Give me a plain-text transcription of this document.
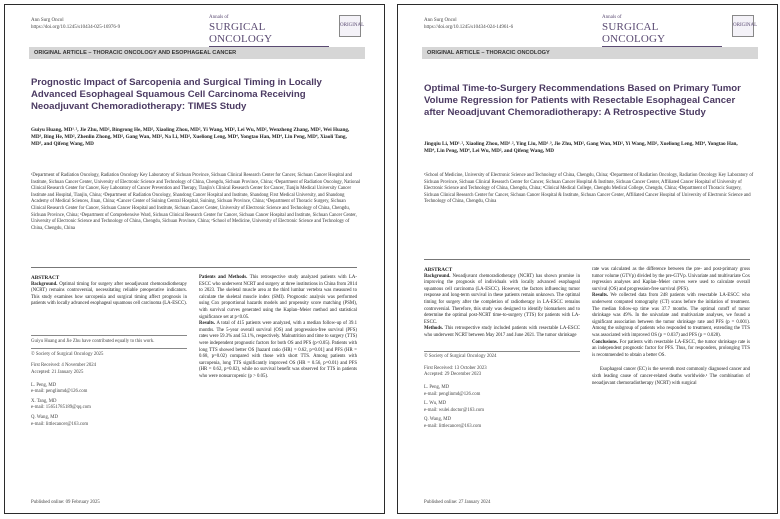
Ann Surg Oncol
https://doi.org/10.1245/s10434-025-16976-9
Annals of
SURGICAL ONCOLOGY
ORIGINAL
ORIGINAL ARTICLE – THORACIC ONCOLOGY AND ESOPHAGEAL CANCER
Prognostic Impact of Sarcopenia and Surgical Timing in Locally Advanced Esophageal Squamous Cell Carcinoma Receiving Neoadjuvant Chemoradiotherapy: TIMES Study
Guiyu Huang, MD¹˒², Jie Zhu, MD², Bingrong He, MD², Xiaoling Zhou, MD², Yi Wang, MD², Lei Wu, MD², Wenzheng Zhang, MD², Wei Huang, MD³, Bing He, MD², Zhenlin Zhong, MD², Gang Wan, MD², Na Li, MD², Xueliong Leng, MD⁴, Yongtao Han, MD⁴, Lin Peng, MD⁴, Xiaoli Tang, MD⁵, and Qifeng Wang, MD
¹Department of Radiation Oncology, Radiation Oncology Key Laboratory of Sichuan Province, Sichuan Clinical Research Center for Cancer, Sichuan Cancer Hospital and Institute, Sichuan Cancer Center, University of Electronic Science and Technology of China, Chengdu, Sichuan Province, China; ²Department of Radiation Oncology, National Clinical Research Center for Cancer, Key Laboratory of Cancer Prevention and Therapy, Tianjin's Clinical Research Center for Cancer, Tianjin Medical University Cancer Institute and Hospital, Tianjin, China; ³Department of Radiation Oncology, Shandong Cancer Hospital and Institute, Shandong First Medical University, and Shandong Academy of Medical Sciences, Jinan, China; ⁴Cancer Center of Suining Central Hospital, Suining, Sichuan Province, China; ⁵Department of Thoracic Surgery, Sichuan Clinical Research Center for Cancer, Sichuan Cancer Hospital and Institute, Sichuan Cancer Center, University of Electronic Science and Technology of China, Chengdu, Sichuan Province, China; ⁶Department of Comprehensive Ward, Sichuan Clinical Research Center for Cancer, Sichuan Cancer Hospital and Institute, Sichuan Cancer Center, University of Electronic Science and Technology of China, Chengdu, Sichuan Province, China; ⁷School of Medicine, University of Electronic Science and Technology of China, Chengdu, China
ABSTRACT
Background. Optimal timing for surgery after neoadjuvant chemoradiotherapy (NCRT) remains controversial, necessitating reliable preoperative indicators. This study examines how sarcopenia and surgical timing affect prognosis in patients with locally advanced esophageal squamous cell carcinoma (LA-ESCC).
Guiyu Huang and Jie Zhu have contributed equally to this work.
© Society of Surgical Oncology 2025
First Received: 4 November 2024
Accepted: 21 January 2025

L. Peng, MD
e-mail: penglinmd@126.com

X. Tang, MD
e-mail: 15651785189@qq.com

Q. Wang, MD
e-mail: littlecancer@163.com

Patients and Methods. This retrospective study analyzed patients with LA-ESCC who underwent NCRT and surgery at three institutions in China from 2014 to 2023. The skeletal muscle area at the third lumbar vertebra was measured to calculate the skeletal muscle index (SMI). Prognostic analysis was performed using Cox proportional hazards models and propensity score matching (PSM), with survival curves generated using the Kaplan–Meier method and statistical significance set at p<0.05.
Results. A total of 415 patients were analyzed, with a median follow-up of 39.1 months. The 5-year overall survival (OS) and progression-free survival (PFS) rates were 59.3% and 53.1%, respectively. Malnutrition and time to surgery (TTS) were independent prognostic factors for both OS and PFS (p<0.05). Patients with long TTS showed better OS [hazard ratio (HR) = 0.62, p=0.01] and PFS (HR = 0.68, p=0.02) compared with those with short TTS. Among patients with sarcopenia, long TTS significantly improved OS (HR = 0.56, p=0.01) and PFS (HR = 0.62, p=0.02), while no survival benefit was observed for TTS in patients who were nonsarcopenic (p > 0.05).
Published online: 09 February 2025
Ann Surg Oncol
https://doi.org/10.1245/s10434-024-14961-6
Annals of
SURGICAL ONCOLOGY
ORIGINAL
ORIGINAL ARTICLE – THORACIC ONCOLOGY
Optimal Time-to-Surgery Recommendations Based on Primary Tumor Volume Regression for Patients with Resectable Esophageal Cancer after Neoadjuvant Chemoradiotherapy: A Retrospective Study
Jingqiu Li, MD¹˒², Xiaoling Zhou, MD¹˒², Ying Liu, MD¹˒³, Jie Zhu, MD², Gang Wan, MD², Yi Wang, MD², Xueliong Leng, MD⁴, Yongtao Han, MD⁴, Lin Peng, MD⁴, Lei Wu, MD², and Qifeng Wang, MD
¹School of Medicine, University of Electronic Science and Technology of China, Chengdu, China; ²Department of Radiation Oncology, Radiation Oncology Key Laboratory of Sichuan Province, Sichuan Clinical Research Center for Cancer, Sichuan Cancer Hospital & Institute, Sichuan Cancer Center, Affiliated Cancer Hospital of University of Electronic Science and Technology of China, Chengdu, China; ³Clinical Medical College, Chengdu Medical College, Chengdu, China; ⁴Department of Thoracic Surgery, Sichuan Clinical Research Center for Cancer, Sichuan Cancer Hospital & Institute, Sichuan Cancer Center, Affiliated Cancer Hospital of University of Electronic Science and Technology of China, Chengdu, China
ABSTRACT
Background. Neoadjuvant chemoradiotherapy (NCRT) has shown promise in improving the prognosis of individuals with locally advanced esophageal squamous cell carcinoma (LA-ESCC). However, the factors influencing tumor response and long-term survival in these patients remain unknown. The optimal timing for surgery after the completion of radiotherapy in LA-ESCC remains controversial. Therefore, this study was designed to identify biomarkers and to determine the optimal post-NCRT time-to-surgery (TTS) for patients with LA-ESCC.
Methods. This retrospective study included patients with resectable LA-ESCC who underwent NCRT between May 2017 and June 2021. The tumor shrinkage
© Society of Surgical Oncology 2024
First Received: 13 October 2023
Accepted: 29 December 2023

L. Peng, MD
e-mail: penglinmd@126.com

L. Wu, MD
e-mail: wulei.doctor@163.com

Q. Wang, MD
e-mail: littlecancer@163.com

rate was calculated as the difference between the pre- and post-primary gross tumor volume (GTVp) divided by the pre-GTVp. Univariate and multivariate Cox regression analyses and Kaplan–Meier curves were used to calculate overall survival (OS) and progression-free survival (PFS).
Results. We collected data from 248 patients with resectable LA-ESCC who underwent computed tomography (CT) scans before the initiation of treatment. The median follow-up time was 37.7 months. The optimal cutoff of tumor shrinkage was 49%. In the univariate and multivariate analyses, we found a significant association between the tumor shrinkage rate and PFS (p = 0.001). Among the subgroup of patients who responded to treatment, extending the TTS was associated with improved OS (p = 0.037) and PFS (p = 0.028).
Conclusions. For patients with resectable LA-ESCC, the tumor shrinkage rate is an independent prognostic factor for PFS. Thus, for responders, prolonging TTS is recommended to obtain a better OS.
Esophageal cancer (EC) is the seventh most commonly diagnosed cancer and sixth leading cause of cancer-related deaths worldwide.¹ The combination of neoadjuvant chemoradiotherapy (NCRT) with surgical
Published online: 27 January 2024
